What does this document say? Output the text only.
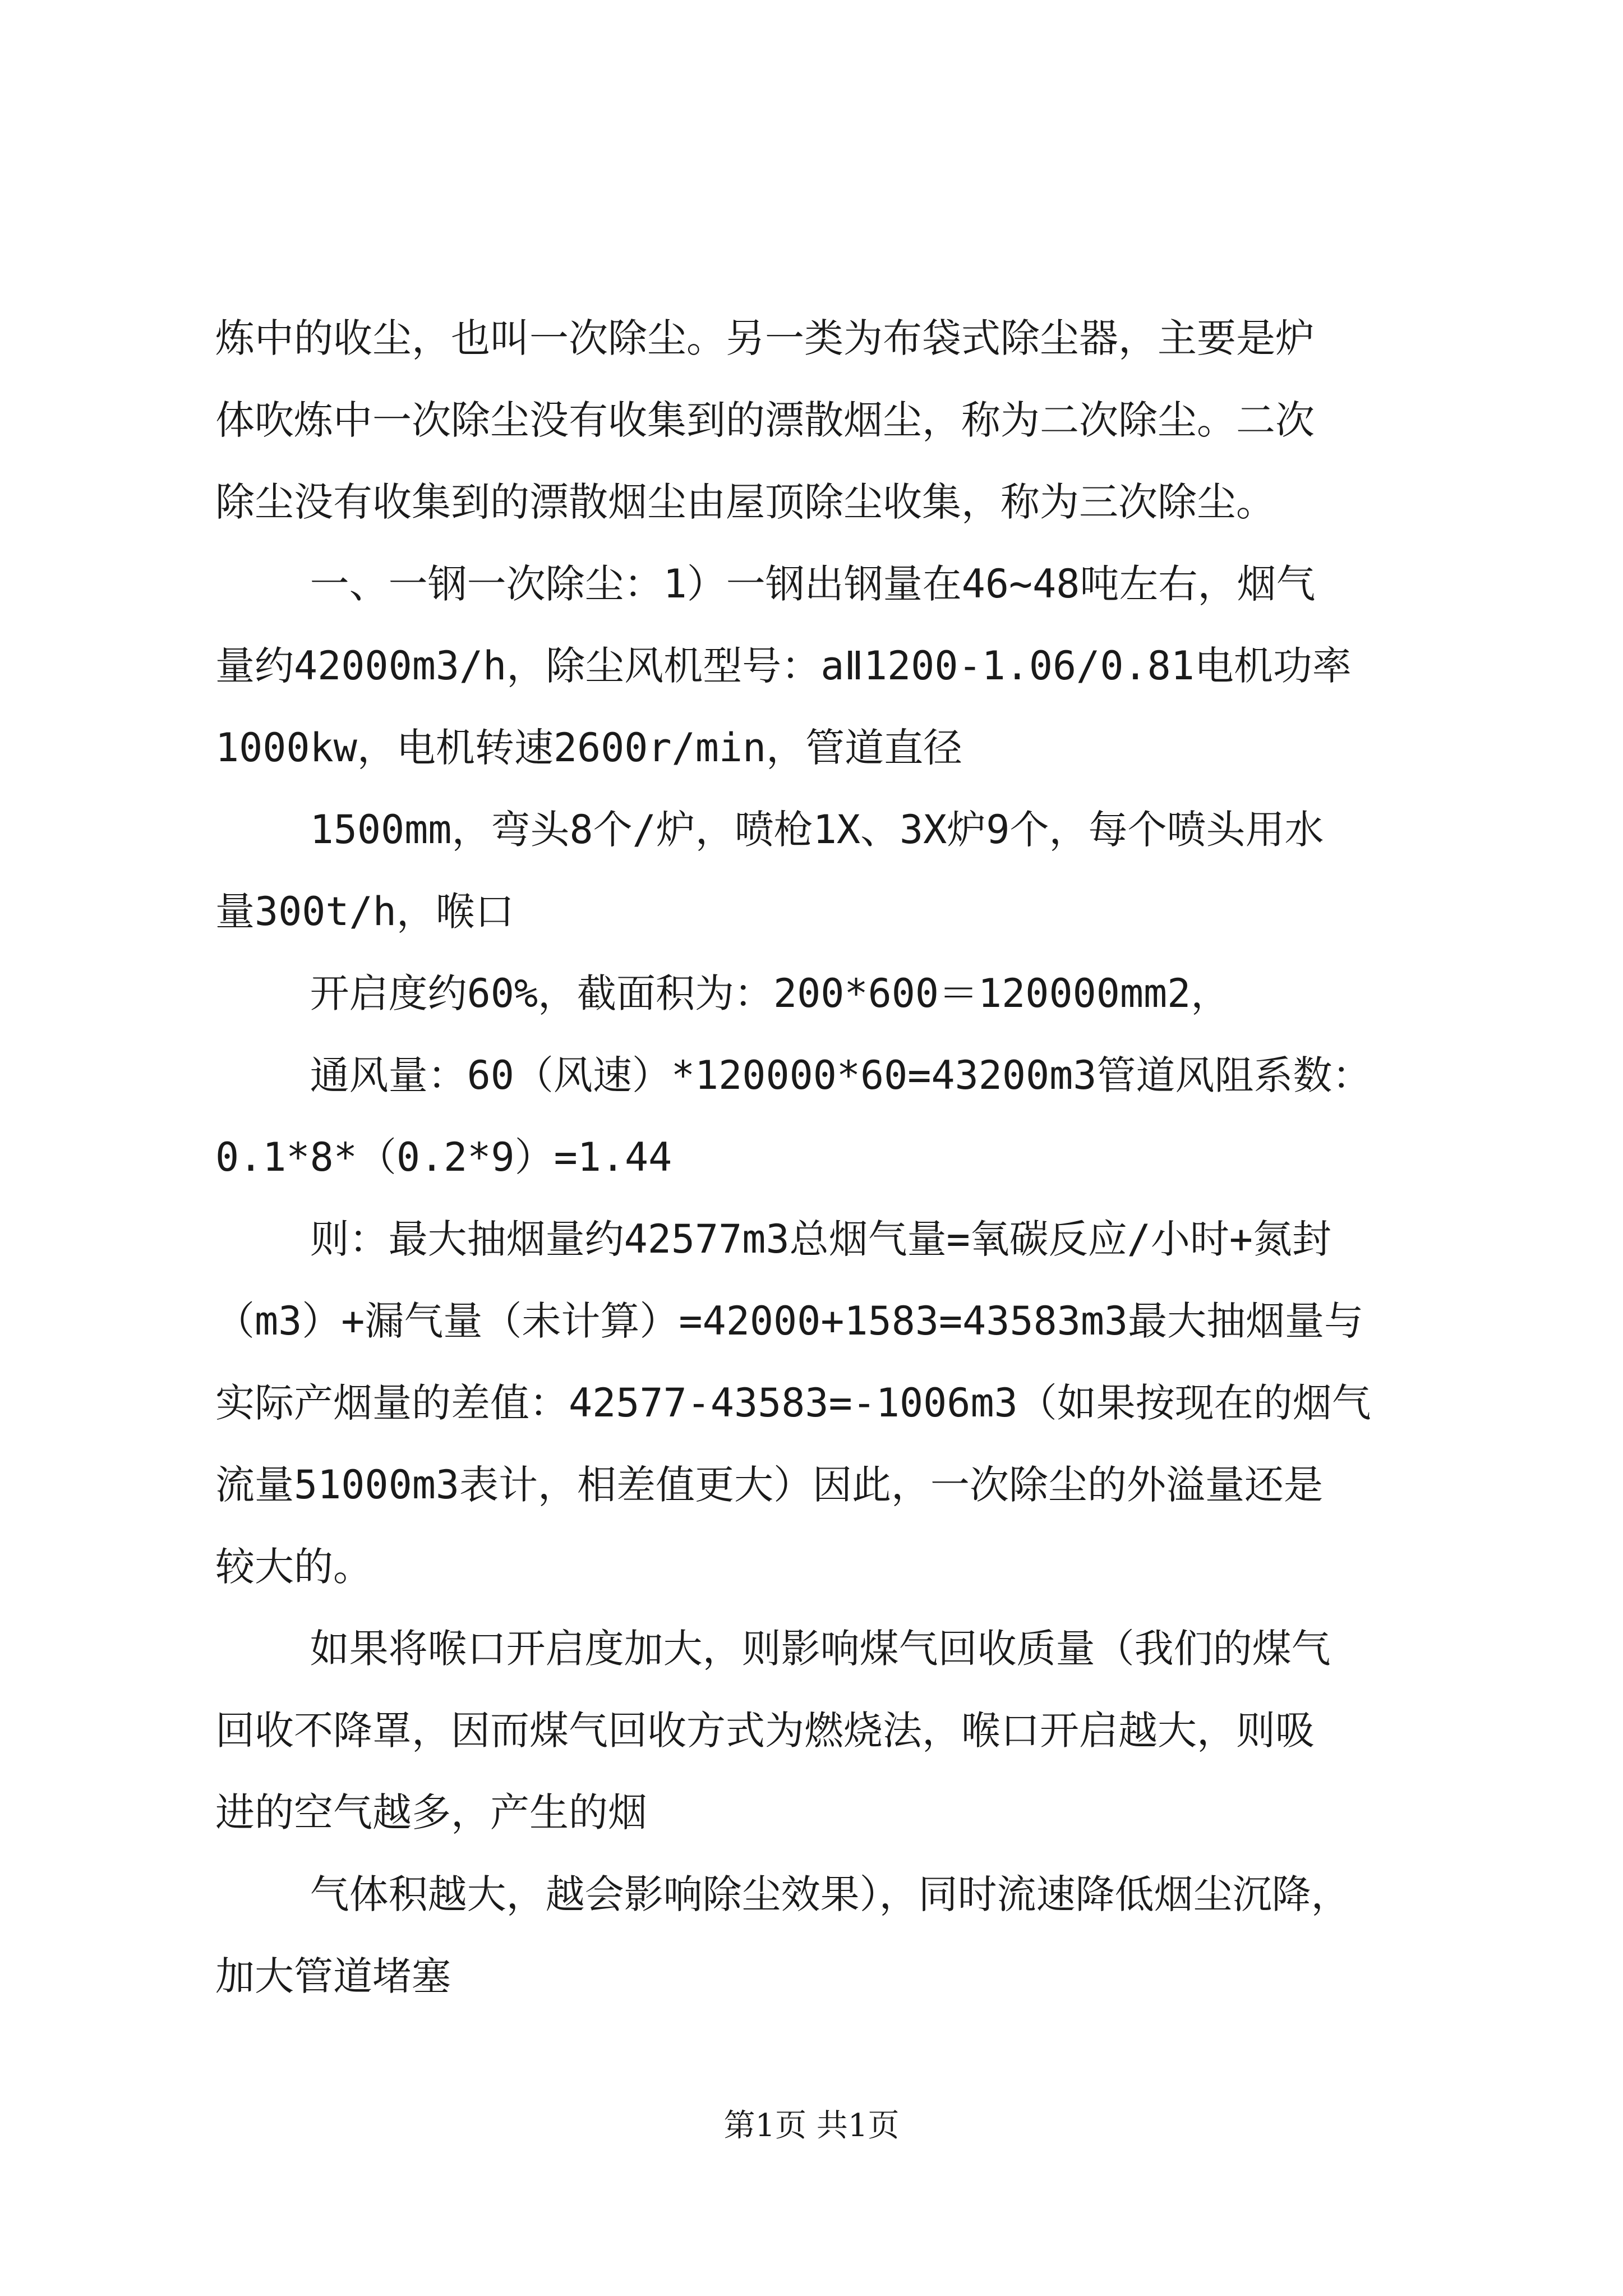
炼中的收尘，也叫一次除尘。另一类为布袋式除尘器，主要是炉

体吹炼中一次除尘没有收集到的漂散烟尘，称为二次除尘。二次

除尘没有收集到的漂散烟尘由屋顶除尘收集，称为三次除尘。

一、一钢一次除尘：1）一钢出钢量在46~48吨左右，烟气

量约42000m3/h，除尘风机型号：aⅡ1200-1.06/0.81电机功率

1000kw，电机转速2600r/min，管道直径

1500mm，弯头8个/炉，喷枪1X、3X炉9个，每个喷头用水

量300t/h，喉口

开启度约60%，截面积为：200*600＝120000mm2，

通风量：60（风速）*120000*60=43200m3管道风阻系数：

0.1*8*（0.2*9）=1.44

则：最大抽烟量约42577m3总烟气量=氧碳反应/小时+氮封

（m3）+漏气量（未计算）=42000+1583=43583m3最大抽烟量与

实际产烟量的差值：42577-43583=-1006m3（如果按现在的烟气

流量51000m3表计，相差值更大）因此，一次除尘的外溢量还是

较大的。

如果将喉口开启度加大，则影响煤气回收质量（我们的煤气

回收不降罩，因而煤气回收方式为燃烧法，喉口开启越大，则吸

进的空气越多，产生的烟

气体积越大，越会影响除尘效果），同时流速降低烟尘沉降，

加大管道堵塞

第1页 共1页
